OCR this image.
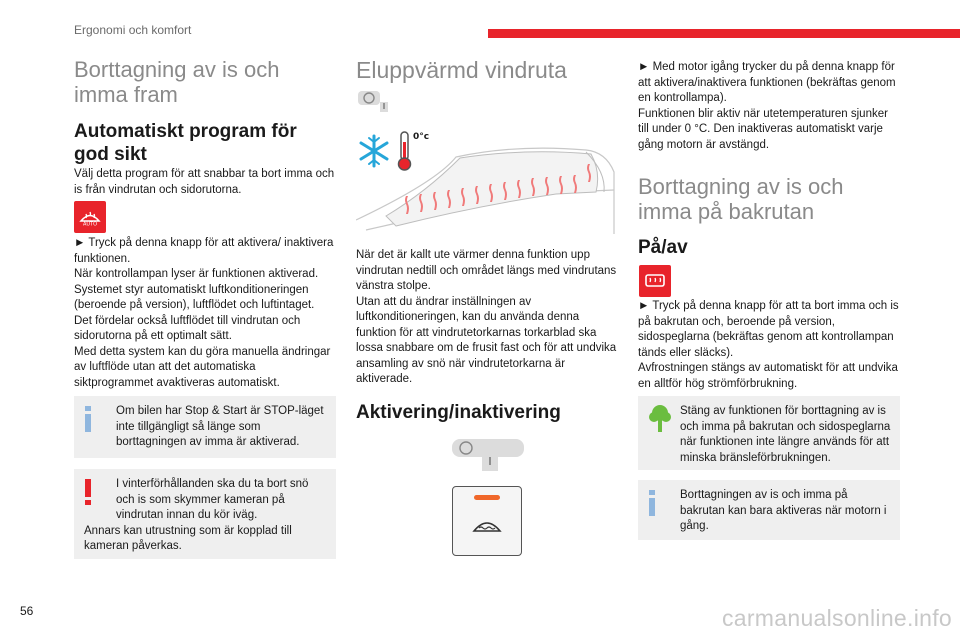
Ergonomi och komfort
Borttagning av is och imma fram
Automatiskt program för god sikt

Välj detta program för att snabbar ta bort imma och is från vindrutan och sidorutorna.

AUTO

► Tryck på denna knapp för att aktivera/ inaktivera funktionen.

När kontrollampan lyser är funktionen aktiverad.

Systemet styr automatiskt luftkonditioneringen (beroende på version), luftflödet och luftintaget.

Det fördelar också luftflödet till vindrutan och sidorutorna på ett optimalt sätt.

Med detta system kan du göra manuella ändringar av luftflöde utan att det automatiska siktprogrammet avaktiveras automatiskt.

Om bilen har Stop & Start är STOP-läget inte tillgängligt så länge som borttagningen av imma är aktiverad.
I vinterförhållanden ska du ta bort snö och is som skymmer kameran på vindrutan innan du kör iväg.
Annars kan utrustning som är kopplad till kameran påverkas.
Eluppvärmd vindruta
0°c

När det är kallt ute värmer denna funktion upp vindrutan nedtill och området längs med vindrutans vänstra stolpe.

Utan att du ändrar inställningen av luftkonditioneringen, kan du använda denna funktion för att vindrutetorkarnas torkarblad ska lossa snabbare om de frusit fast och för att undvika ansamling av snö när vindrutetorkarna är aktiverade.

Aktivering/inaktivering

► Med motor igång trycker du på denna knapp för att aktivera/inaktivera funktionen (bekräftas genom en kontrollampa).

Funktionen blir aktiv när utetemperaturen sjunker till under 0 °C. Den inaktiveras automatiskt varje gång motorn är avstängd.

Borttagning av is och imma på bakrutan
På/av

► Tryck på denna knapp för att ta bort imma och is på bakrutan och, beroende på version, sidospeglarna (bekräftas genom att kontrollampan tänds eller släcks).

Avfrostningen stängs av automatiskt för att undvika en alltför hög strömförbrukning.

Stäng av funktionen för borttagning av is och imma på bakrutan och sidospeglarna när funktionen inte längre används för att minska bränsleförbrukningen.
Borttagningen av is och imma på bakrutan kan bara aktiveras när motorn i gång.
56	carmanualsonline.info
